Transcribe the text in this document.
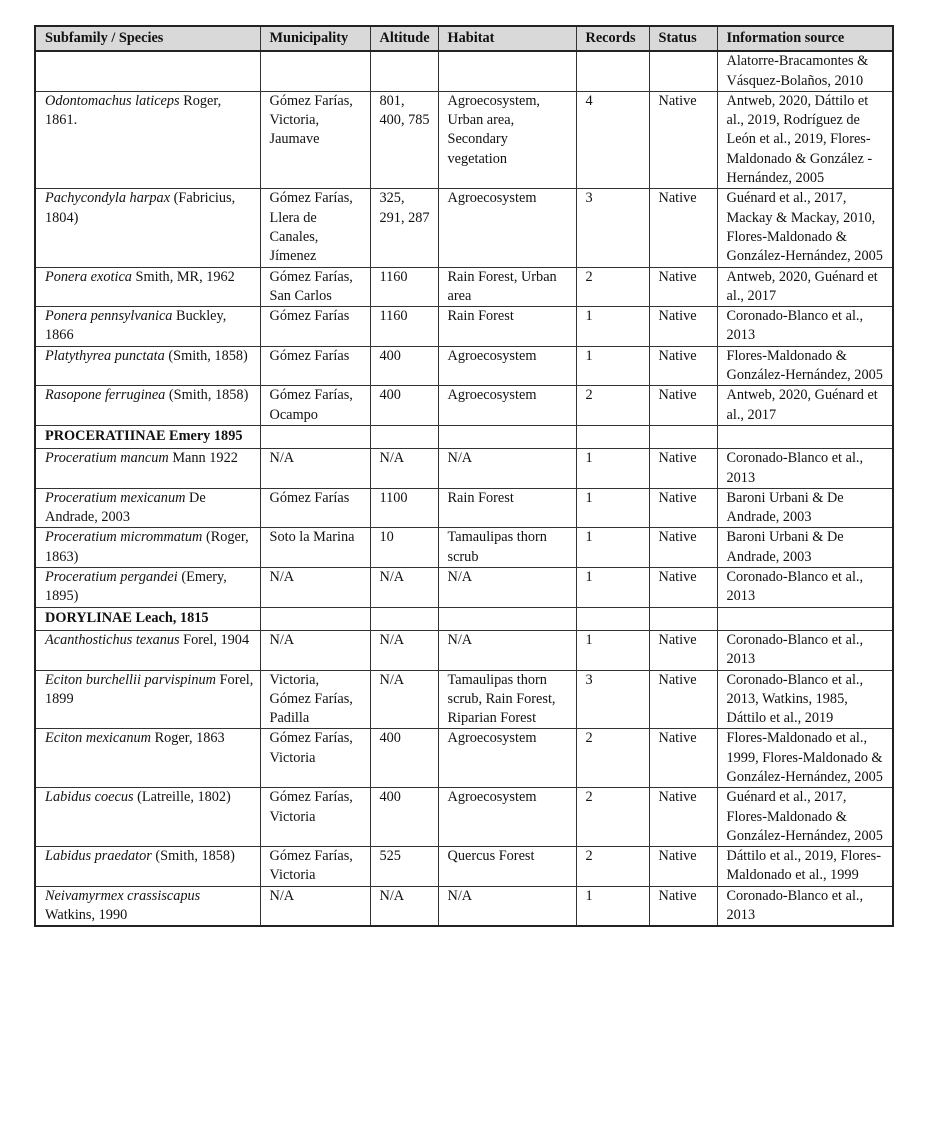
Subfamily / Species	Municipality	Altitude	Habitat	Records	Status	Information source
						Alatorre-Bracamontes & Vásquez-Bolaños, 2010
Odontomachus laticeps Roger, 1861.	Gómez Farías, Victoria, Jaumave	801, 400, 785	Agroecosystem, Urban area, Secondary vegetation	4	Native	Antweb, 2020, Dáttilo et al., 2019, Rodríguez de León et al., 2019, Flores-Maldonado & González -Hernández, 2005
Pachycondyla harpax (Fabricius, 1804)	Gómez Farías, Llera de Canales, Jímenez	325, 291, 287	Agroecosystem	3	Native	Guénard et al., 2017, Mackay & Mackay, 2010, Flores-Maldonado & González-Hernández, 2005
Ponera exotica Smith, MR, 1962	Gómez Farías, San Carlos	1160	Rain Forest, Urban area	2	Native	Antweb, 2020, Guénard et al., 2017
Ponera pennsylvanica Buckley, 1866	Gómez Farías	1160	Rain Forest	1	Native	Coronado-Blanco et al., 2013
Platythyrea punctata (Smith, 1858)	Gómez Farías	400	Agroecosystem	1	Native	Flores-Maldonado & González-Hernández, 2005
Rasopone ferruginea (Smith, 1858)	Gómez Farías, Ocampo	400	Agroecosystem	2	Native	Antweb, 2020, Guénard et al., 2017
PROCERATIINAE Emery 1895						
Proceratium mancum Mann 1922	N/A	N/A	N/A	1	Native	Coronado-Blanco et al., 2013
Proceratium mexicanum De Andrade, 2003	Gómez Farías	1100	Rain Forest	1	Native	Baroni Urbani & De Andrade, 2003
Proceratium micrommatum (Roger, 1863)	Soto la Marina	10	Tamaulipas thorn scrub	1	Native	Baroni Urbani & De Andrade, 2003
Proceratium pergandei (Emery, 1895)	N/A	N/A	N/A	1	Native	Coronado-Blanco et al., 2013
DORYLINAE Leach, 1815						
Acanthostichus texanus Forel, 1904	N/A	N/A	N/A	1	Native	Coronado-Blanco et al., 2013
Eciton burchellii parvispinum Forel, 1899	Victoria, Gómez Farías, Padilla	N/A	Tamaulipas thorn scrub, Rain Forest, Riparian Forest	3	Native	Coronado-Blanco et al., 2013, Watkins, 1985, Dáttilo et al., 2019
Eciton mexicanum Roger, 1863	Gómez Farías, Victoria	400	Agroecosystem	2	Native	Flores-Maldonado et al., 1999, Flores-Maldonado & González-Hernández, 2005
Labidus coecus (Latreille, 1802)	Gómez Farías, Victoria	400	Agroecosystem	2	Native	Guénard et al., 2017, Flores-Maldonado & González-Hernández, 2005
Labidus praedator (Smith, 1858)	Gómez Farías, Victoria	525	Quercus Forest	2	Native	Dáttilo et al., 2019, Flores-Maldonado et al., 1999
Neivamyrmex crassiscapus Watkins, 1990	N/A	N/A	N/A	1	Native	Coronado-Blanco et al., 2013
